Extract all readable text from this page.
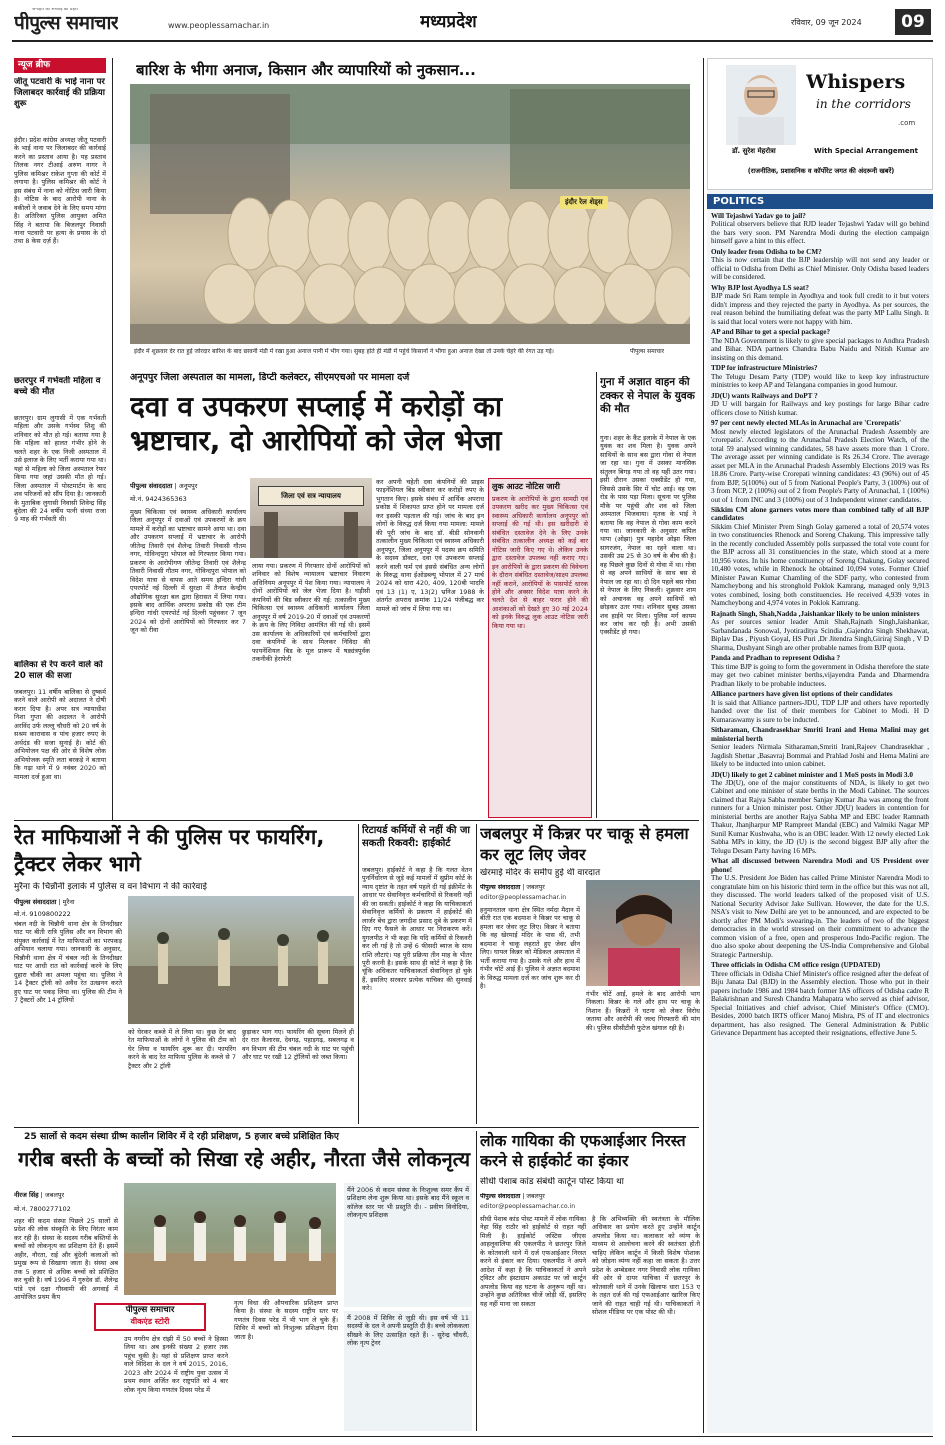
जनहित को सच्चाई का प्रहरी
पीपुल्स समाचार	www.peoplessamachar.in	मध्यप्रदेश	रविवार, 09 जून 2024	09
न्यूज ब्रीफ
जीतू पटवारी के भाई नाना पर जिलाबदर कार्रवाई की प्रक्रिया शुरू
इंदौर। प्रदेश कांग्रेस अध्यक्ष जीतू पटवारी के भाई नाना पर जिलाबदर की कार्रवाई करने का प्रस्ताव आया है। यह प्रस्ताव तिलक नगर टीआई अरुण नागर ने पुलिस कमिश्नर राकेश गुप्ता की कोर्ट में लगाया है। पुलिस कमिश्नर की कोर्ट ने इस संबंध में नाना को नोटिस जारी किया है। नोटिस के बाद आरोपी नाना के वकीलों ने जवाब देने के लिए समय मांगा है। अतिरिक्त पुलिस आयुक्त अमित सिंह ने बताया कि बिजलपुर निवासी नाना पटवारी पर हत्या के प्रयास के दो तथा 8 केस दर्ज़ हैं।
छतरपुर में गर्भवती महिला व बच्चे की मौत
छतरपुर। ग्राम लुगासी में एक गर्भवती महिला और उसके गर्भस्थ शिशु की शनिवार को मौत हो गई। बताया गया है कि महिला को हालत गंभीर होने के चलते शहर के एक निजी अस्पताल में उसे इलाज के लिए भर्ती कराया गया था। यहां से महिला को जिला अस्पताल रेफर किया गया जहां उसकी मौत हो गई। जिला अस्पताल में पोस्टमार्टम के बाद शव परिजनों को सौंप दिया है। जानकारी के मुताबिक लुगासी निवासी शिवेन्द्र सिंह बुंदेला की 24 वर्षीय पत्नी संध्या राजा 9 माह की गर्भवती थी।
बालिका से रेप करने वाले को 20 साल की सजा
जबलपुर। 11 वर्षीय बालिका से दुष्कर्म करने वाले आरोपी को अदालत ने दोषी करार दिया है। अपर सत्र न्यायाधीश निशा गुप्ता की अदालत ने आरोपी अरविंद उर्फ लल्लू चौधरी को 20 वर्ष के सश्रम कारावास व पांच हजार रुपए के अर्थदंड की सजा सुनाई है। कोर्ट की अभियोजन पक्ष की ओर से विशेष लोक अभियोजक स्मृति लता बरकड़े ने बताया कि गढ़ा थाने में 9 नवंबर 2020 को मामला दर्ज हुआ था।
बारिश के भीगा अनाज, किसान और व्यापारियों को नुकसान...
इंदौर रेल शेड्स
इंदौर में शुक्रवार देर रात हुई जोरदार बारिश के बाद छावनी मंडी में रखा हुआ अनाज पानी में भीग गया। सुबह होते ही मंडी में पहुंचे किसानों ने भीगा हुआ अनाज देखा तो उनके चेहरे की रंगत उड़ गई।	पीपुल्स समाचार
अनूपपुर जिला अस्पताल का मामला, डिप्टी कलेक्टर, सीएमएचओ पर मामला दर्ज
दवा व उपकरण सप्लाई में करोड़ों का भ्रष्टाचार, दो आरोपियों को जेल भेजा
पीपुल्स संवाददाता | अनूपपुर
मो.नं. 9424365363	जिला एवं सत्र न्यायालय
मुख्य चिकित्सा एवं स्वास्थ्य अधिकारी कार्यालय जिला अनूपपुर में दवाओं एवं उपकरणों के क्रय मामले में करोड़ों का भ्रष्टाचार सामने आया था। दवा और उपकरण सप्लाई में भ्रष्टाचार के आरोपी जीतेन्द्र तिवारी एवं शैलेन्द्र तिवारी निवासी गौतम नगर, गोविन्दपुरा भोपाल को गिरफ्तार किया गया। प्रकरण के आरोपीगण जीतेन्द्र तिवारी एवं शैलेन्द्र तिवारी निवासी गौतम नगर, गोविन्दपुरा भोपाल को विदेश यात्रा से वापस आते समय इन्दिरा गांधी एयरपोर्ट नई दिल्ली में सुरक्षा में तैनात केन्द्रीय औद्योगिक सुरक्षा बल द्वारा हिरासत में लिया गया। इसके बाद आर्थिक अपराध प्रकोष्ठ की एक टीम इन्दिरा गांधी एयरपोर्ट नई दिल्ली पहुंचकर 7 जून 2024 को दोनों आरोपियों को गिरफ्तार कर 7 जून को रीवा
लाया गया। प्रकरण में गिरफ्तार दोनों आरोपियों को शनिवार को विशेष न्यायालय भ्रष्टाचार निवारण अधिनियम अनूपपुर में पेश किया गया। न्यायालय ने दोनों आरोपियों को जेल भेजा दिया है। घड़ीसी कंपनियों की बिड स्वीकार की गई: तत्कालीन मुख्य चिकित्सा एवं स्वास्थ्य अधिकारी कार्यालय जिला अनूपपुर में वर्ष 2019-20 में दवाओं एवं उपकरणों के क्रय के लिए निविदा आमंत्रित की गई थी। इसमें उस कार्यालय के अधिकारियों एवं कर्मचारियों द्वारा दवा कंपनियों के साथ मिलकर निविदा की फायनेंशियल बिड के मूल प्रारूप में षड्यंत्रपूर्वक तकनीकी हेराफेरी
कर अपनी चहेती दवा कंपनियों की प्राइस फाइनेंशियल बिड स्वीकार कर करोड़ों रुपए के भुगतान किए। इसके संबंध में आर्थिक अपराध प्रकोष्ठ में शिकायत प्राप्त होने पर मामला दर्ज कर इसकी पड़ताल की गई। जांच के बाद इन लोगों के विरुद्ध दर्ज किया गया मामला: मामले की पूरी जांच के बाद डॉ. बीडी सोनवानी तत्कालीन मुख्य चिकित्सा एवं स्वास्थ्य अधिकारी अनूपपुर, जिला अनूपपुर में पदस्थ क्रय समिति के सदस्य डॉक्टर, दवा एवं उपकरण सप्लाई करने वाली फर्म एवं इससे संबंधित अन्य लोगों के विरुद्ध थाना ईओडब्ल्यू भोपाल में 27 मार्च 2024 को धारा 420, 409, 120बी भादवि एवं 13 (1) ए, 13(2) भ्रनिअ 1988 के अंतर्गत अपराध क्रमांक 11/24 पंजीबद्ध कर मामले को जांच में लिया गया था।
लुक आउट नोटिस जारी
प्रकरण के आरोपियों के द्वारा सामग्री एवं उपकरण खरीद कर मुख्य चिकित्सा एवं स्वास्थ्य अधिकारी कार्यालय अनूपपुर को सप्लाई की गई थी। इस खरीदारी से संबंधित दस्तावेज देने के लिए उनके संबंधित तत्कालीन अध्यक्ष को कई बार नोटिस जारी किए गए थे। लेकिन उनके द्वारा दस्तावेज उपलब्ध नहीं कराए गए। इन आरोपियों के द्वारा प्रकरण की विवेचना के दौरान संबंधित दस्तावेज/साक्ष्य उपलब्ध नहीं कराने, आरोपियों के पासपोर्ट धारक होने और अक्सर विदेश यात्रा करने के चलते देश से बाहर फरार होने की आशंकाओं को देखते हुए 30 मई 2024 को इनके विरुद्ध लुक आउट नोटिस जारी किया गया था।
गुना में अज्ञात वाहन की टक्कर से नेपाल के युवक की मौत
गुना। शहर के कैंट इलाके में नेपाल के एक युवक का शव मिला है। युवक अपने साथियों के साथ बस द्वारा गोवा से नेपाल जा रहा था। गुना में उसका मानसिक संतुलन बिगड़ गया तो वह यहीं उतर गया। इसी दौरान उसका एक्सीडेंट हो गया, जिससे उसके सिर में चोट आई। वह एक रोड के पास पड़ा मिला। सूचना पर पुलिस मौके पर पहुंची और शव को जिला अस्पताल भिजवाया। मृतक के भाई ने बताया कि वह नेपाल से गोवा काम करने गया था। जानकारी के अनुसार कपिल थापा (ओझा) पुत्र महादेव ओझा जिला सागरजंग, नेपाल का रहने वाला था। उसकी उम्र 25 से 30 वर्ष के बीच की है। वह पिछले कुछ दिनों से गोवा में था। गोवा से वह अपने साथियों के साथ बस से नेपाल जा रहा था। दो दिन पहले बस गोवा से नेपाल के लिए निकली। शुक्रवार शाम को अचानक वह अपने साथियों को छोड़कर उतर गया। शनिवार सुबह उसका शव हाईवे पर मिला। पुलिस मर्ग कायम कर जांच कर रही है। अभी उसकी एक्सीडेंट हो गया।
रेत माफियाओं ने की पुलिस पर फायरिंग, ट्रैक्टर लेकर भागे
मुरैना के चिन्नौनी इलाके में पुलिस व वन विभाग ने की कार्रवाई
पीपुल्स संवाददाता | मुरैना
मो.नं. 9109800222
चंबल नदी के चिन्नौनी थाना क्षेत्र के तिनदीखर घाट पर बीती रात्रि पुलिस और वन विभाग की संयुक्त कार्रवाई में रेत माफियाओं का भरपकड़ अभियान चलाया गया। जानकारी के अनुसार, चिन्नौनी थाना क्षेत्र में चंबल नदी के तिनदीखर घाट पर आधी रात को कार्रवाई करने के लिए दुहारा चौकी का अमला पहुंचा था। पुलिस ने 14 ट्रैक्टर ट्रॉली को अवैध रेत उत्खनन करते हुए घाट पर पकड़ लिया था। पुलिस की टीम ने 7 ट्रैक्टरों और 14 ट्रॉलियों
को घेरकर कब्जे में ले लिया था। कुछ देर बाद रेत माफियाओं के लोगों ने पुलिस की टीम को घेर लिया व फायरिंग शुरू कर दी। फायरिंग करने के बाद रेत माफिया पुलिस के कब्जे से 7 ट्रैक्टर और 2 ट्रॉली
छुड़ाकर भाग गए। फायरिंग की सूचना मिलने ही देर रात कैलारस, देवगढ़, पहाड़गढ़, सबलगढ़ व वन विभाग की टीम चंबल नदी के घाट पर पहुंची और घाट पर रखी 12 ट्रॉलियों को जब्त किया।
रिटायर्ड कर्मियों से नहीं की जा सकती रिकवरी: हाईकोर्ट
जबलपुर। हाईकोर्ट ने कहा है कि गलत वेतन पुनर्निर्धारण से जुड़े कई मामलों में सुप्रीम कोर्ट के न्याय दृष्टांत के तहत वर्ष पहले दी गई इंक्रीमेंट के आधार पर सेवानिवृत्त कर्मचारियों से रिकवरी नहीं की जा सकती। हाईकोर्ट ने कहा कि याचिकाकर्ता सेवानिवृत्त कर्मियों के प्रकरण में हाईकोर्ट की लार्जर बेंच द्वारा जगदीश प्रसाद दुबे के प्रकरण में दिए गए फैसले के आधार पर निराकरण करें। युगलपीठ ने भी कहा कि यदि कर्मियों से रिकवरी कर ली गई है तो उन्हें 6 फीसदी ब्याज के साथ राशि लौटाएं। यह पूरी प्रक्रिया तीन माह के भीतर पूरी करनी है। इसके साथ ही कोर्ट ने कहा है कि चूंकि अधिकतर याचिकाकर्ता सेवानिवृत्त हो चुके हैं, इसलिए सरकार प्रत्येक याचिका की सुनवाई करे।
जबलपुर में किन्नर पर चाकू से हमला कर लूट लिए जेवर
खेरमाई मंदिर के समीप हुई थी वारदात
पीपुल्स संवाददाता | जबलपुर
editor@peoplessamachar.in
हनुमानताल थाना क्षेत्र स्थित नर्मदा मैदान में बीती रात एक बदमाश ने किन्नर पर चाकू से हमला कर जेवर लूट लिए। किन्नर ने बताया कि वह खेरमाई मंदिर के पास थी, तभी बदमाश ने चाकू लहराते हुए जेवर छीन लिए। घायल किन्नर को मेडिकल अस्पताल में भर्ती कराया गया है। उसके गले और हाथ में गंभीर चोटें आई हैं। पुलिस ने अज्ञात बदमाश के विरुद्ध मामला दर्ज कर जांच शुरू कर दी है।
गंभीर चोटें आई, हमले के बाद आरोपी भाग निकला। किन्नर के गले और हाथ पर चाकू के निशान हैं। किन्नरों ने घटना को लेकर विरोध जताया और आरोपी की जल्द गिरफ्तारी की मांग की। पुलिस सीसीटीवी फुटेज खंगाल रही है।
25 सालों से कदम संस्था ग्रीष्म कालीन शिविर में दे रही प्रशिक्षण, 5 हजार बच्चे प्रशिक्षित किए
गरीब बस्ती के बच्चों को सिखा रहे अहीर, नौरता जैसे लोकनृत्य
नीरज सिंह | जबलपुर
मो.नं. 7800277102
पीपुल्स समाचार
वीकएंड स्टोरी
शहर की कदम संस्था पिछले 25 सालों से प्रदेश की लोक संस्कृति के लिए निरंतर काम कर रही है। संस्था के सदस्य गरीब बस्तियों के बच्चों को लोकनृत्य का प्रशिक्षण देते हैं। इसमें अहीर, नौरता, राई और बुंदेली कलाओं को प्रमुख रूप से सिखाया जाता है। संस्था अब तक 5 हजार से अधिक बच्चों को प्रशिक्षित कर चुकी है। वर्ष 1996 में गुरुदेव डॉ. शैलेन्द्र पांडे एवं दक्षा गौस्वामी की अगवाई में आयोजित प्रथम कैंप
उप नगरीय क्षेत्र रांझी में 50 बच्चों ने हिस्सा लिया था। अब इनकी संख्या 2 हजार तक पहुंच चुकी है। यहां से प्रशिक्षण प्राप्त करने वाले विदिशा के दल ने वर्ष 2015, 2016, 2023 और 2024 में राष्ट्रीय युवा उत्सव में प्रथम स्थान अर्जित कर राष्ट्रपति को 4 बार लोक नृत्य किया गणतंत्र दिवस परेड में
नृत्य विधा की औपचारिक प्रशिक्षण प्राप्त किया है। संस्था के सदस्य राष्ट्रीय स्तर पर गणतंत्र दिवस परेड में भी भाग ले चुके हैं। शिविर में बच्चों को निःशुल्क प्रशिक्षण दिया जाता है।
मैंने 2006 से कदम संस्था के निःशुल्क समर कैंप में प्रशिक्षण लेना शुरू किया था। इसके बाद मैंने स्कूल व कॉलेज स्तर पर भी प्रस्तुति दी। - प्रवीण विनोदिया, लोकनृत्य प्रशिक्षक
मैं 2008 में शिविर से जुड़ी थी। इस वर्ष भी 11 सदस्यों के दल ने अपनी प्रस्तुति दी है। बच्चे लोककला सीखने के लिए उत्साहित रहते हैं। - सुरेन्द्र चौधरी, लोक नृत्य ट्रेनर
लोक गायिका की एफआईआर निरस्त करने से हाईकोर्ट का इंकार
सीधी पेशाब कांड संबंधी कार्टून पोस्ट किया था
पीपुल्स संवाददाता | जबलपुर
editor@peoplessamachar.co.in
सीधी पेशाब कांड पोस्ट मामले में लोक गायिका नेहा सिंह राठौर को हाईकोर्ट से राहत नहीं मिली है। हाईकोर्ट जस्टिस जीएस आहलूवालिया की एकलपीठ ने छतरपुर जिले के कोतवाली थाने में दर्ज एफआईआर निरस्त करने से इंकार कर दिया। एकलपीठ ने अपने आदेश में कहा है कि याचिकाकर्ता ने अपने ट्विटर और इंस्टाग्राम अकाउंट पर जो कार्टून अपलोड किया वह घटना के अनुरूप नहीं था। उन्होंने कुछ अतिरिक्त चीजें जोड़ी थीं, इसलिए यह नहीं माना जा सकता
है कि अभिव्यक्ति की स्वतंत्रता के मौलिक अधिकार का प्रयोग करते हुए उन्होंने कार्टून अपलोड किया था। कलाकार को व्यंग्य के माध्यम से आलोचना करने की स्वतंत्रता होती चाहिए लेकिन कार्टून में किसी विशेष पोशाक को जोड़ना व्यंग्य नहीं कहा जा सकता है। उत्तर प्रदेश के अम्बेडकर नगर निवासी लोक गायिका की ओर से दायर याचिका में छतरपुर के कोतवाली थाने में उनके खिलाफ धारा 153 ए के तहत दर्ज की गई एफआईआर खारिज किए जाने की राहत चाही गई थी। याचिकाकर्ता ने सोशल मीडिया पर एक पोस्ट की थी।
डॉ. सुरेश मेहरोत्रा
Whispers
in the corridors
.com
With Special Arrangement
(राजनीतिक, प्रशासनिक व कॉर्पोरेट जगत की अंदरूनी खबरें)
POLITICS

Will Tejashwi Yadav go to jail?
Political observers believe that RJD leader Tejashwi Yadav will go behind the bars very soon. PM Narendra Modi during the election campaign himself gave a hint to this effect.

Only leader from Odisha to be CM?
This is now certain that the BJP leadership will not send any leader or official to Odisha from Delhi as Chief Minister. Only Odisha based leaders will be considered.

Why BJP lost Ayodhya LS seat?
BJP made Sri Ram temple in Ayodhya and took full credit to it but voters didn't impress and they rejected the party in Ayodhya. As per sources, the real reason behind the humiliating defeat was the party MP Lallu Singh. It is said that local voters were not happy with him.

AP and Bihar to get a special package?
The NDA Government is likely to give special packages to Andhra Pradesh and Bihar. NDA partners Chandra Babu Naidu and Nitish Kumar are insisting on this demand.

TDP for infrastructure Ministries?
The Telugu Desam Party (TDP) would like to keep key infrastructure ministries to keep AP and Telangana companies in good humour.

JD(U) wants Railways and DoPT ?
JD U will bargain for Railways and key postings for large Bihar cadre officers close to Nitish kumar.

97 per cent newly elected MLAs in Arunachal are 'Crorepatis'
Most newly elected legislators of the Arunachal Pradesh Assembly are 'crorepatis'. According to the Arunachal Pradesh Election Watch, of the total 59 analysed winning candidates, 58 have assets more than 1 Crore. The average asset per winning candidate is Rs 26.34 Crore. The average asset per MLA in the Arunachal Pradesh Assembly Elections 2019 was Rs 18.86 Crore. Party-wise Crorepati winning candidates: 43 (96%) out of 45 from BJP, 5(100%) out of 5 from National People's Party, 3 (100%) out of 3 from NCP, 2 (100%) out of 2 from People's Party of Arunachal, 1 (100%) out of 1 from INC and 3 (100%) out of 3 Independent winner candidates.

Sikkim CM alone garners votes more than combined tally of all BJP candidates
Sikkim Chief Minister Prem Singh Golay garnered a total of 20,574 votes in two constituencies Rhenock and Soreng Chakung. This impressive tally in the recently concluded Assembly polls surpassed the total vote count for the BJP across all 31 constituencies in the state, which stood at a mere 10,956 votes. In his home constituency of Soreng Chakung, Golay secured 10,480 votes, while in Rhenock he obtained 10,094 votes. Former Chief Minister Pawan Kumar Chamling of the SDF party, who contested from Namcheybong and his stronghold Poklok Kamrang, managed only 9,913 votes combined, losing both constituencies. He received 4,939 votes in Namcheybong and 4,974 votes in Poklok Kamrang.

Rajnath Singh, Shah,Nadda ,Jaishankar likely to be union ministers
As per sources senior leader Amit Shah,Rajnath Singh,Jaishankar, Sarbandanada Sonowal, Jyotiraditya Scindia ,Gajendra Singh Shekhawat, Biplav Das , Piyush Goyal, HS Puri ,Dr Jitendra Singh,Giriraj Singh , V D Sharma, Dushyant Singh are other probable names from BJP quota.

Panda and Pradhan to represent Odisha ?
This time BJP is going to form the government in Odisha therefore the state may get two cabinet minister berths,vijayendra Panda and Dharmendra Pradhan likely to be probable inductees.

Alliance partners have given list options of their candidates
It is said that Alliance partners-JDU, TDP LJP and others have reportedly handed over the list of their members for Cabinet to Modi. H D Kumaraswamy is sure to be inducted.

Sitharaman, Chandrasekhar Smriti Irani and Hema Malini may get ministerial berth
Senior leaders Nirmala Sitharaman,Smriti Irani,Rajeev Chandrasekhar , Jagdish Shettar ,Basavraj Bommai and Prahlad Joshi and Hema Malini are likely to be inducted into union cabinet.

JD(U) likely to get 2 cabinet minister and 1 MoS posts in Modi 3.0
The JD(U), one of the major constituents of NDA, is likely to get two Cabinet and one minister of state berths in the Modi Cabinet. The sources claimed that Rajya Sabha member Sanjay Kumar Jha was among the front runners for a Union minister post. Other JD(U) leaders in contention for ministerial berths are another Rajya Sabha MP and EBC leader Ramnath Thakur, Jhanjharpur MP Rampreet Mandal (EBC) and Valmiki Nagar MP Sunil Kumar Kushwaha, who is an OBC leader. With 12 newly elected Lok Sabha MPs in kitty, the JD (U) is the second biggest BJP ally after the Telugu Desam Party having 16 MPs.

What all discussed between Narendra Modi and US President over phone!
The U.S. President Joe Biden has called Prime Minister Narendra Modi to congratulate him on his historic third term in the office but this was not all, they discussed. The world leaders talked of the proposed visit of U.S. National Security Advisor Jake Sullivan. However, the date for the U.S. NSA's visit to New Delhi are yet to be announced, and are expected to be shortly after PM Modi's swearing-in. The leaders of two of the biggest democracies in the world stressed on their commitment to advance the common vision of a free, open and prosperous Indo-Pacific region. The duo also spoke about deepening the US-India Comprehensive and Global Strategic Partnership.

Three officials in Odisha CM office resign (UPDATED)
Three officials in Odisha Chief Minister's office resigned after the defeat of Biju Janata Dal (BJD) in the Assembly election. Those who put in their papers include 1986 and 1984 batch former IAS officers of Odisha cadre R Balakrishnan and Suresh Chandra Mahapatra who served as chief advisor, Special Initiatives and chief advisor, Chief Minister's Office (CMO). Besides, 2000 batch IRTS officer Manoj Mishra, PS of IT and electronics department, has also resigned. The General Administration & Public Grievance Department has accepted their resignations, effective June 5.
